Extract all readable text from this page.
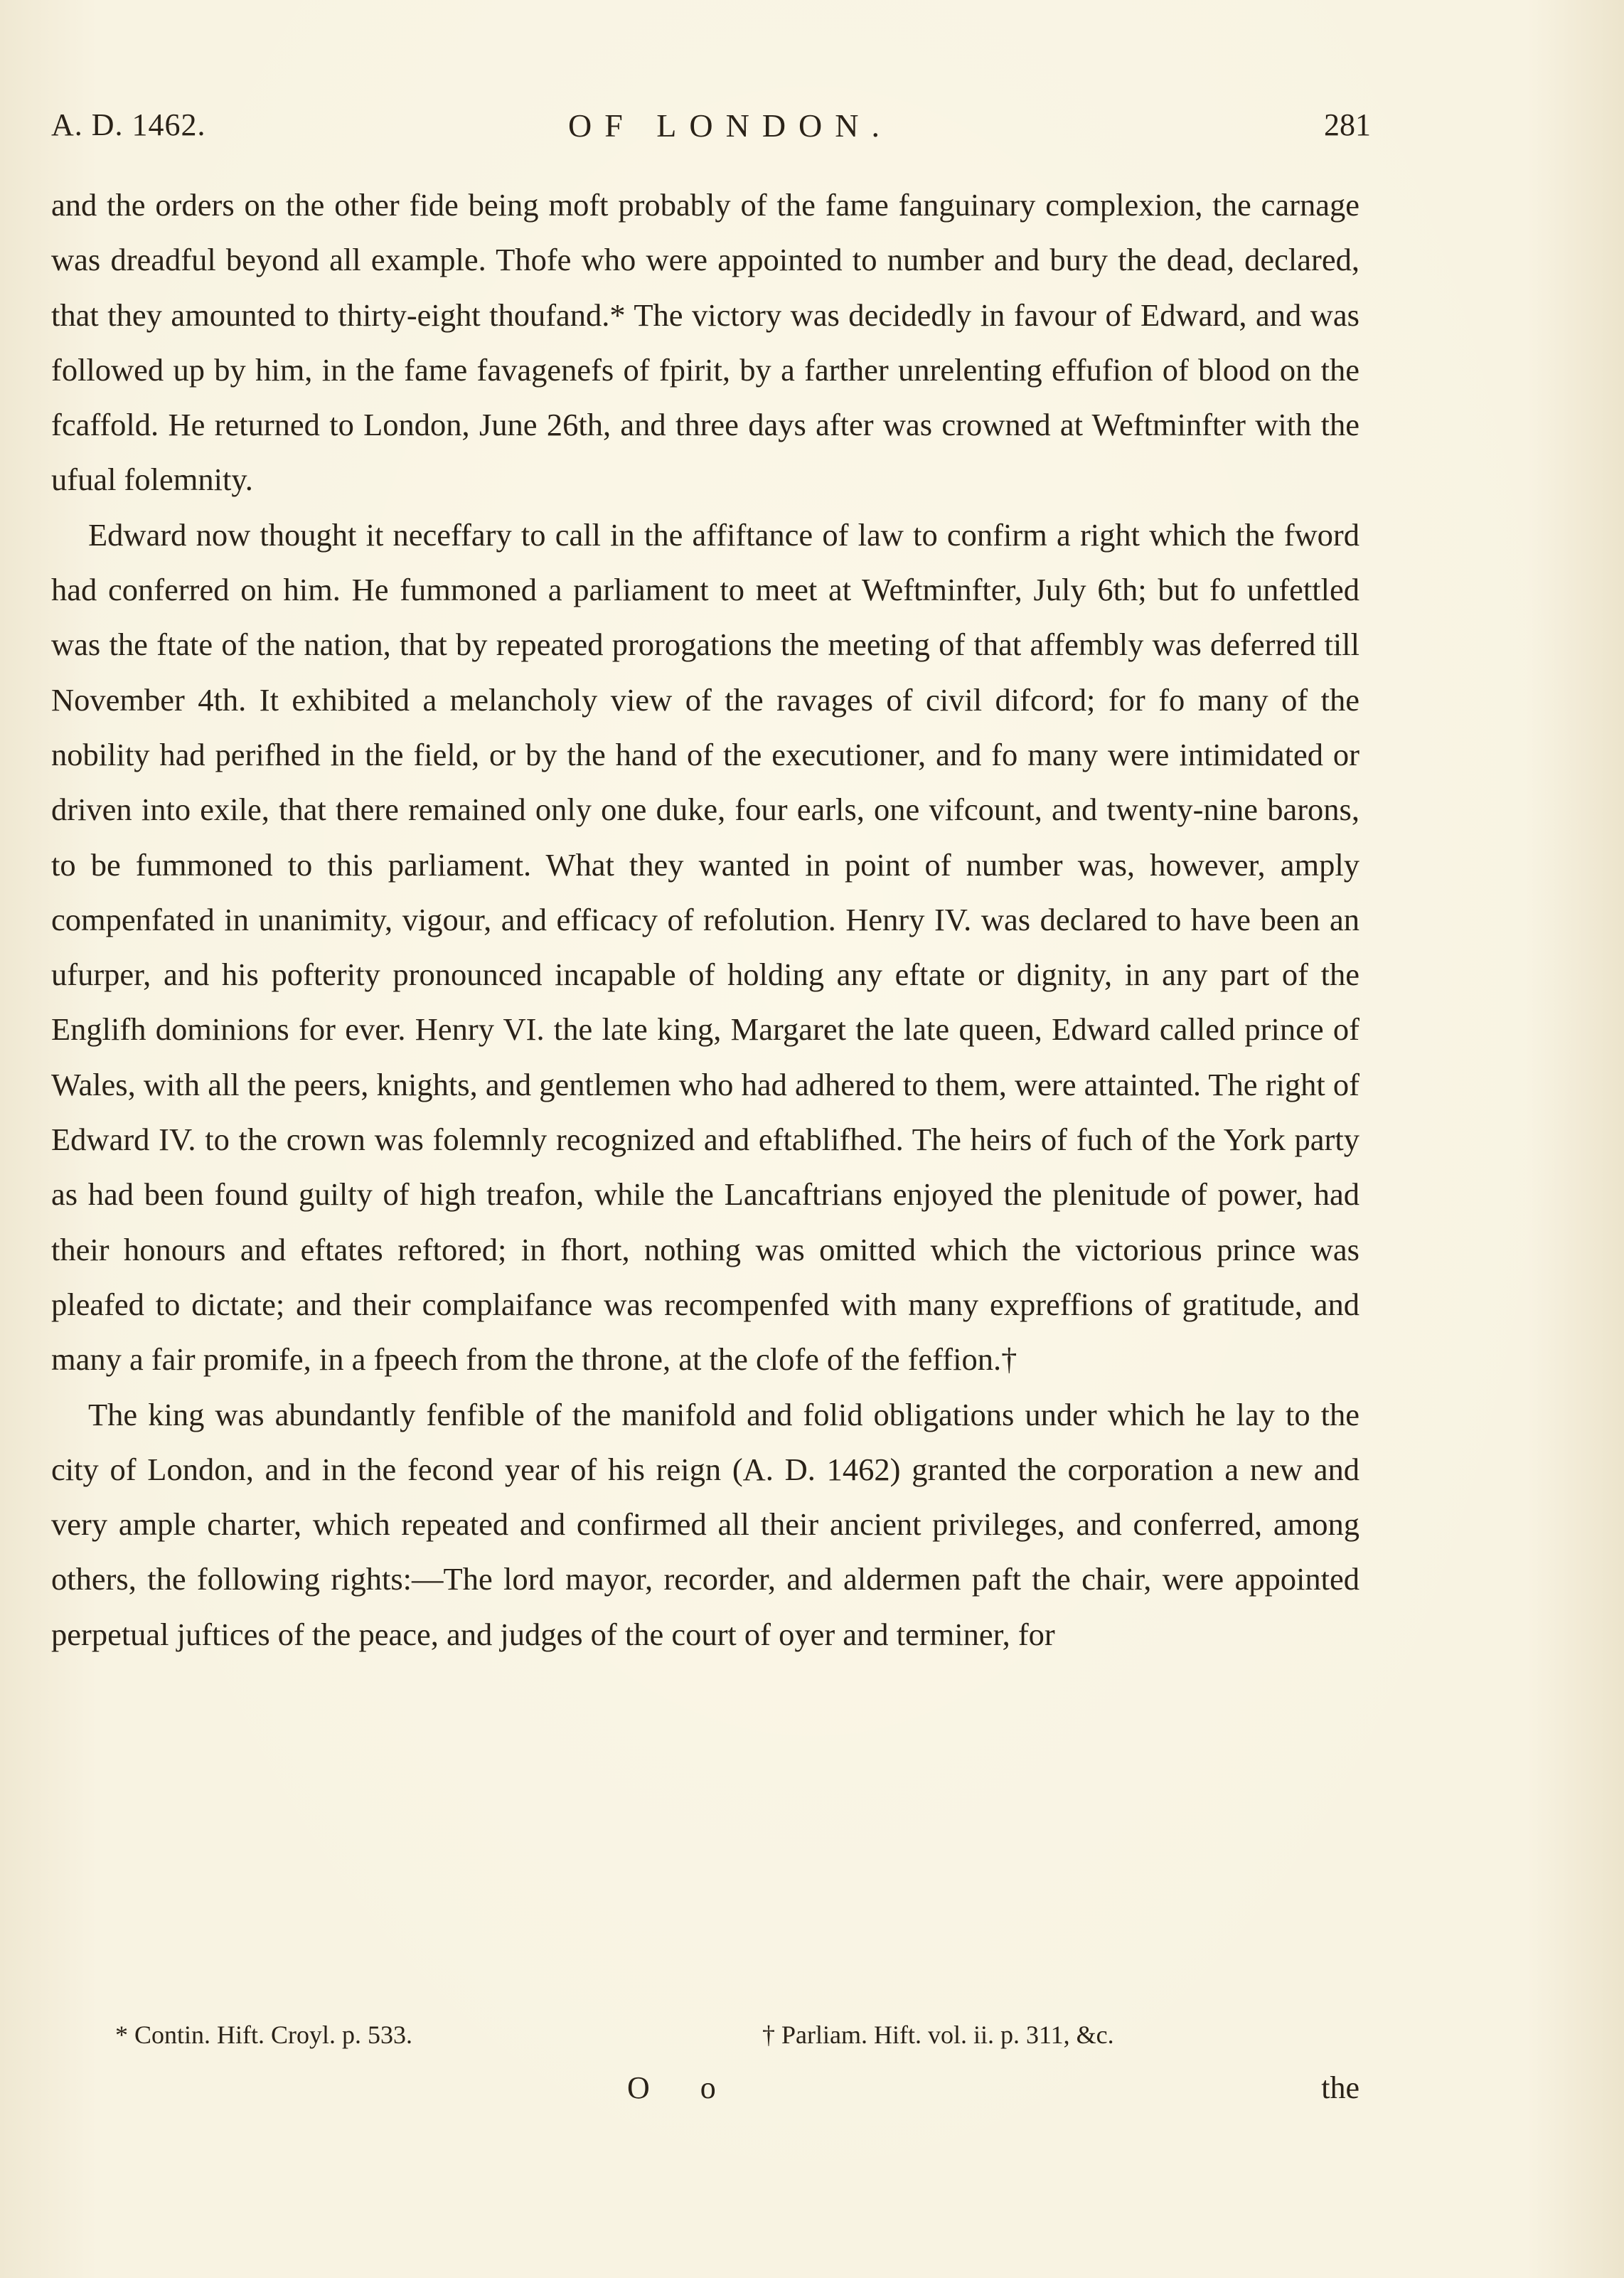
A. D. 1462.	OF LONDON.	281

and the orders on the other fide being moft probably of the fame fanguinary complexion, the carnage was dreadful beyond all example. Thofe who were appointed to number and bury the dead, declared, that they amounted to thirty-eight thoufand.* The victory was decidedly in favour of Edward, and was followed up by him, in the fame favagenefs of fpirit, by a farther unrelenting effufion of blood on the fcaffold. He returned to London, June 26th, and three days after was crowned at Weftminfter with the ufual folemnity.

Edward now thought it neceffary to call in the affiftance of law to confirm a right which the fword had conferred on him. He fummoned a parliament to meet at Weftminfter, July 6th; but fo unfettled was the ftate of the nation, that by repeated prorogations the meeting of that affembly was deferred till November 4th. It exhibited a melancholy view of the ravages of civil difcord; for fo many of the nobility had perifhed in the field, or by the hand of the executioner, and fo many were intimidated or driven into exile, that there remained only one duke, four earls, one vifcount, and twenty-nine barons, to be fummoned to this parliament. What they wanted in point of number was, however, amply compenfated in unanimity, vigour, and efficacy of refolution. Henry IV. was declared to have been an ufurper, and his pofterity pronounced incapable of holding any eftate or dignity, in any part of the Englifh dominions for ever. Henry VI. the late king, Margaret the late queen, Edward called prince of Wales, with all the peers, knights, and gentlemen who had adhered to them, were attainted. The right of Edward IV. to the crown was folemnly recognized and eftablifhed. The heirs of fuch of the York party as had been found guilty of high treafon, while the Lancaftrians enjoyed the plenitude of power, had their honours and eftates reftored; in fhort, nothing was omitted which the victorious prince was pleafed to dictate; and their complaifance was recompenfed with many expreffions of gratitude, and many a fair promife, in a fpeech from the throne, at the clofe of the feffion.†

The king was abundantly fenfible of the manifold and folid obligations under which he lay to the city of London, and in the fecond year of his reign (A. D. 1462) granted the corporation a new and very ample charter, which repeated and confirmed all their ancient privileges, and conferred, among others, the following rights:—The lord mayor, recorder, and aldermen paft the chair, were appointed perpetual juftices of the peace, and judges of the court of oyer and terminer, for

* Contin. Hift. Croyl. p. 533.	† Parliam. Hift. vol. ii. p. 311, &c.
O o	the
